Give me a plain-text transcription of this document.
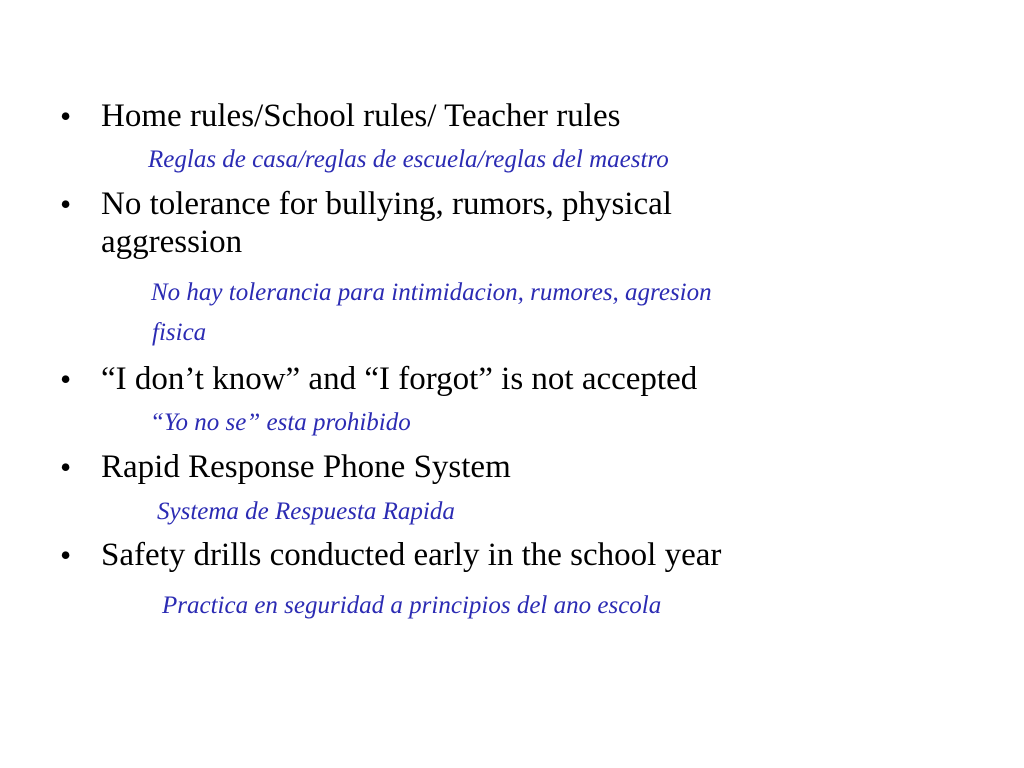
• Home rules/School rules/ Teacher rules
Reglas de casa/reglas de escuela/reglas del maestro
• No tolerance for bullying, rumors, physical
aggression
No hay tolerancia para intimidacion, rumores, agresion
fisica
• “I don’t know” and “I forgot” is not accepted
“Yo no se” esta prohibido
• Rapid Response Phone System
Systema de Respuesta Rapida
• Safety drills conducted early in the school year
Practica en seguridad a principios del ano escola
